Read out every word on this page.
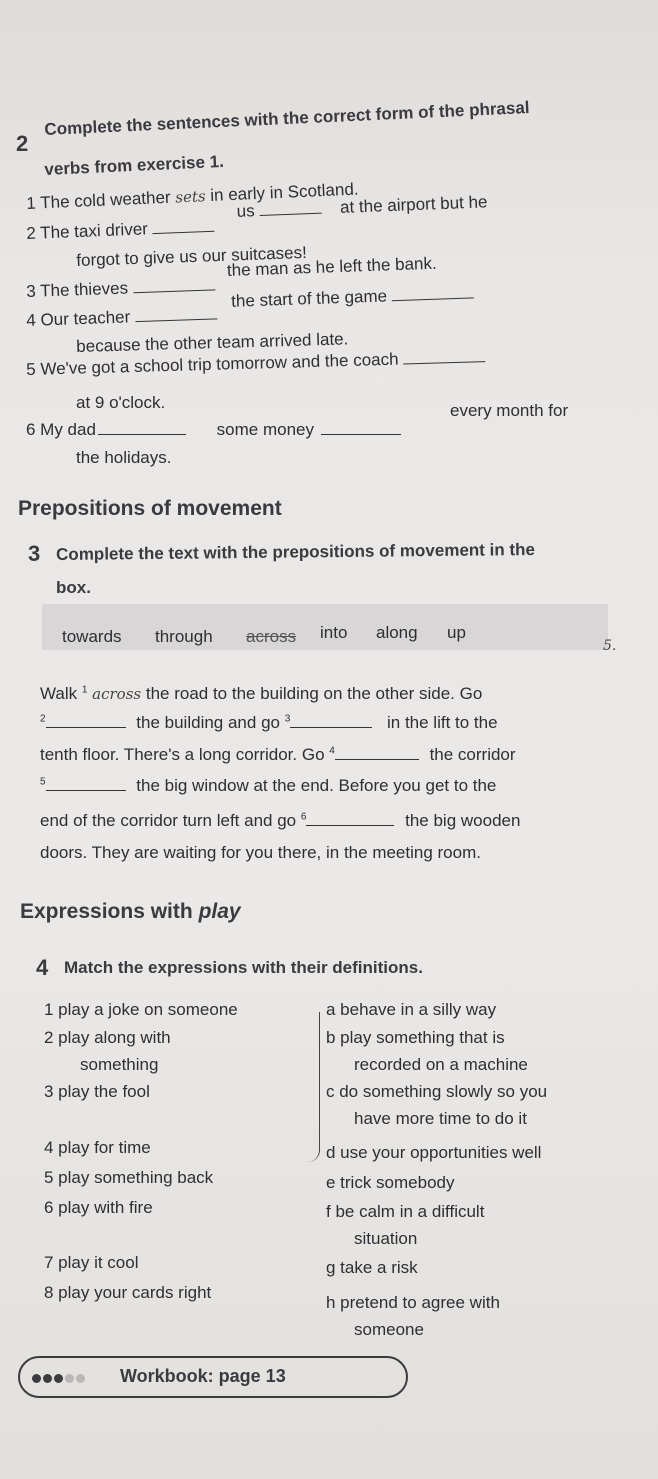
2
Complete the sentences with the correct form of the phrasal
verbs from exercise 1.
1 The cold weather sets in early in Scotland.
2 The taxi driver  us	at the airport but he
forgot to give us our suitcases!
3 The thieves  the man as he left the bank.
4 Our teacher  the start of the game
because the other team arrived late.
5 We've got a school trip tomorrow and the coach
at 9 o'clock.
6 My dad	some money
every month for
the holidays.
Prepositions of movement
3 Complete the text with the prepositions of movement in the
box.
towards through across into along up
5.
Walk $^1$ across the road to the building on the other side. Go
$^2$	the building and go $^3$	in the lift to the
tenth floor. There's a long corridor. Go $^4$	the corridor
$^5$	the big window at the end. Before you get to the
end of the corridor turn left and go $^6$	the big wooden
doors. They are waiting for you there, in the meeting room.
Expressions with play
4 Match the expressions with their definitions.
1 play a joke on someone
2 play along with
something
3 play the fool
4 play for time
5 play something back
6 play with fire
7 play it cool
8 play your cards right
a behave in a silly way
b play something that is
recorded on a machine
c do something slowly so you
have more time to do it
d use your opportunities well
e trick somebody
f be calm in a difficult
situation
g take a risk
h pretend to agree with
someone
Workbook: page 13
